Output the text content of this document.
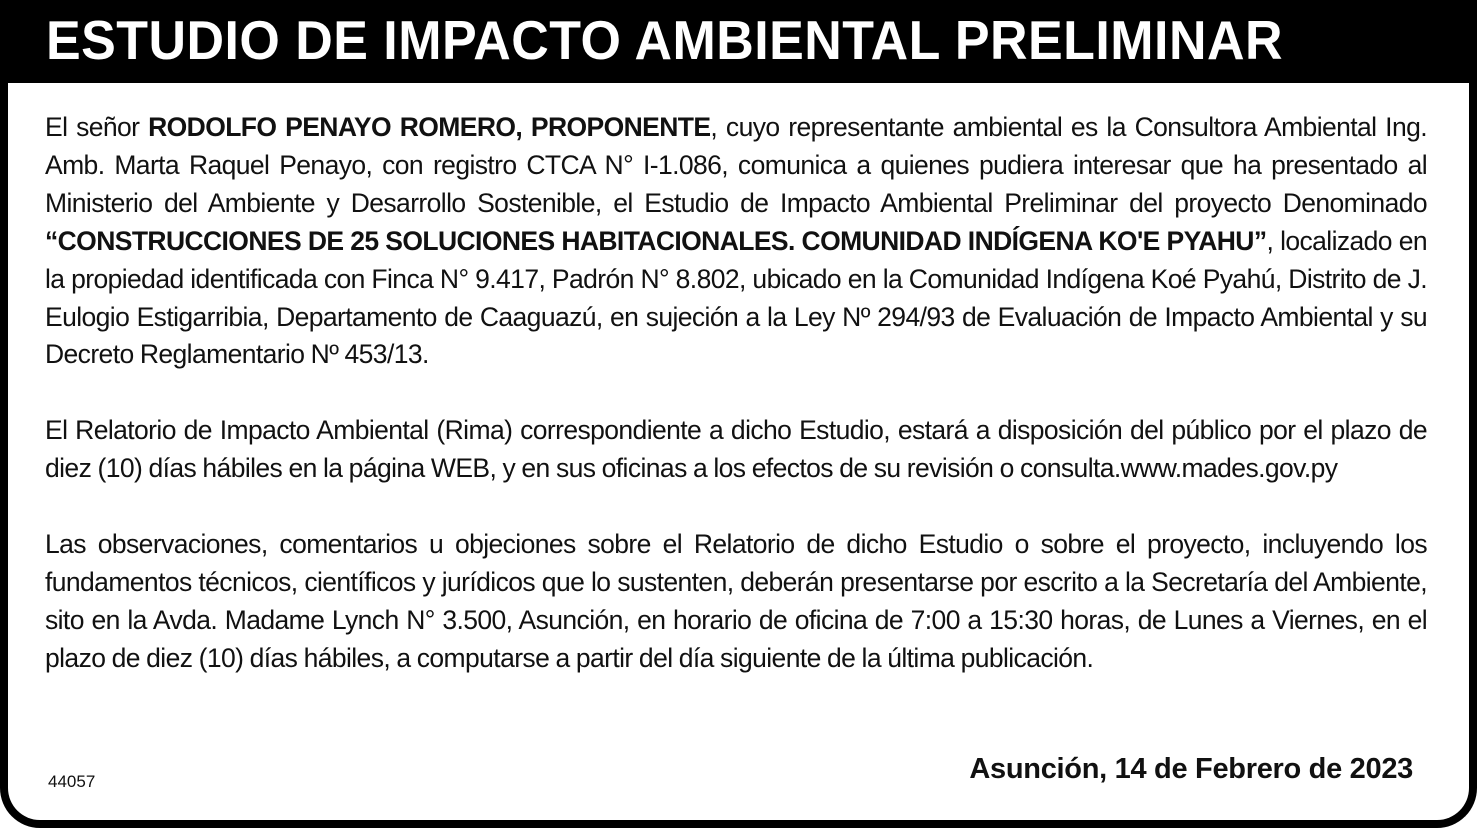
ESTUDIO DE IMPACTO AMBIENTAL PRELIMINAR

El señor RODOLFO PENAYO ROMERO, PROPONENTE, cuyo representante ambiental es la Consultora Ambiental Ing. Amb. Marta Raquel Penayo, con registro CTCA N° I-1.086, comunica a quienes pudiera interesar que ha presentado al Ministerio del Ambiente y Desarrollo Sostenible, el Estudio de Impacto Ambiental Preliminar del proyecto Denominado “CONSTRUCCIONES DE 25 SOLUCIONES HABITACIONALES. COMUNIDAD INDÍGENA KO'E PYAHU”, localizado en la propiedad identificada con Finca N° 9.417, Padrón N° 8.802, ubicado en la Comunidad Indígena Koé Pyahú, Distrito de J. Eulogio Estigarribia, Departamento de Caaguazú, en sujeción a la Ley Nº 294/93 de Evaluación de Impacto Ambiental y su Decreto Reglamentario Nº 453/13.

El Relatorio de Impacto Ambiental (Rima) correspondiente a dicho Estudio, estará a disposición del público por el plazo de diez (10) días hábiles en la página WEB, y en sus oficinas a los efectos de su revisión o consulta.www.mades.gov.py

Las observaciones, comentarios u objeciones sobre el Relatorio de dicho Estudio o sobre el proyecto, incluyendo los fundamentos técnicos, científicos y jurídicos que lo sustenten, deberán presentarse por escrito a la Secretaría del Ambiente, sito en la Avda. Madame Lynch N° 3.500, Asunción, en horario de oficina de 7:00 a 15:30 horas, de Lunes a Viernes, en el plazo de diez (10) días hábiles, a computarse a partir del día siguiente de la última publicación.

44057	Asunción, 14 de Febrero de 2023
